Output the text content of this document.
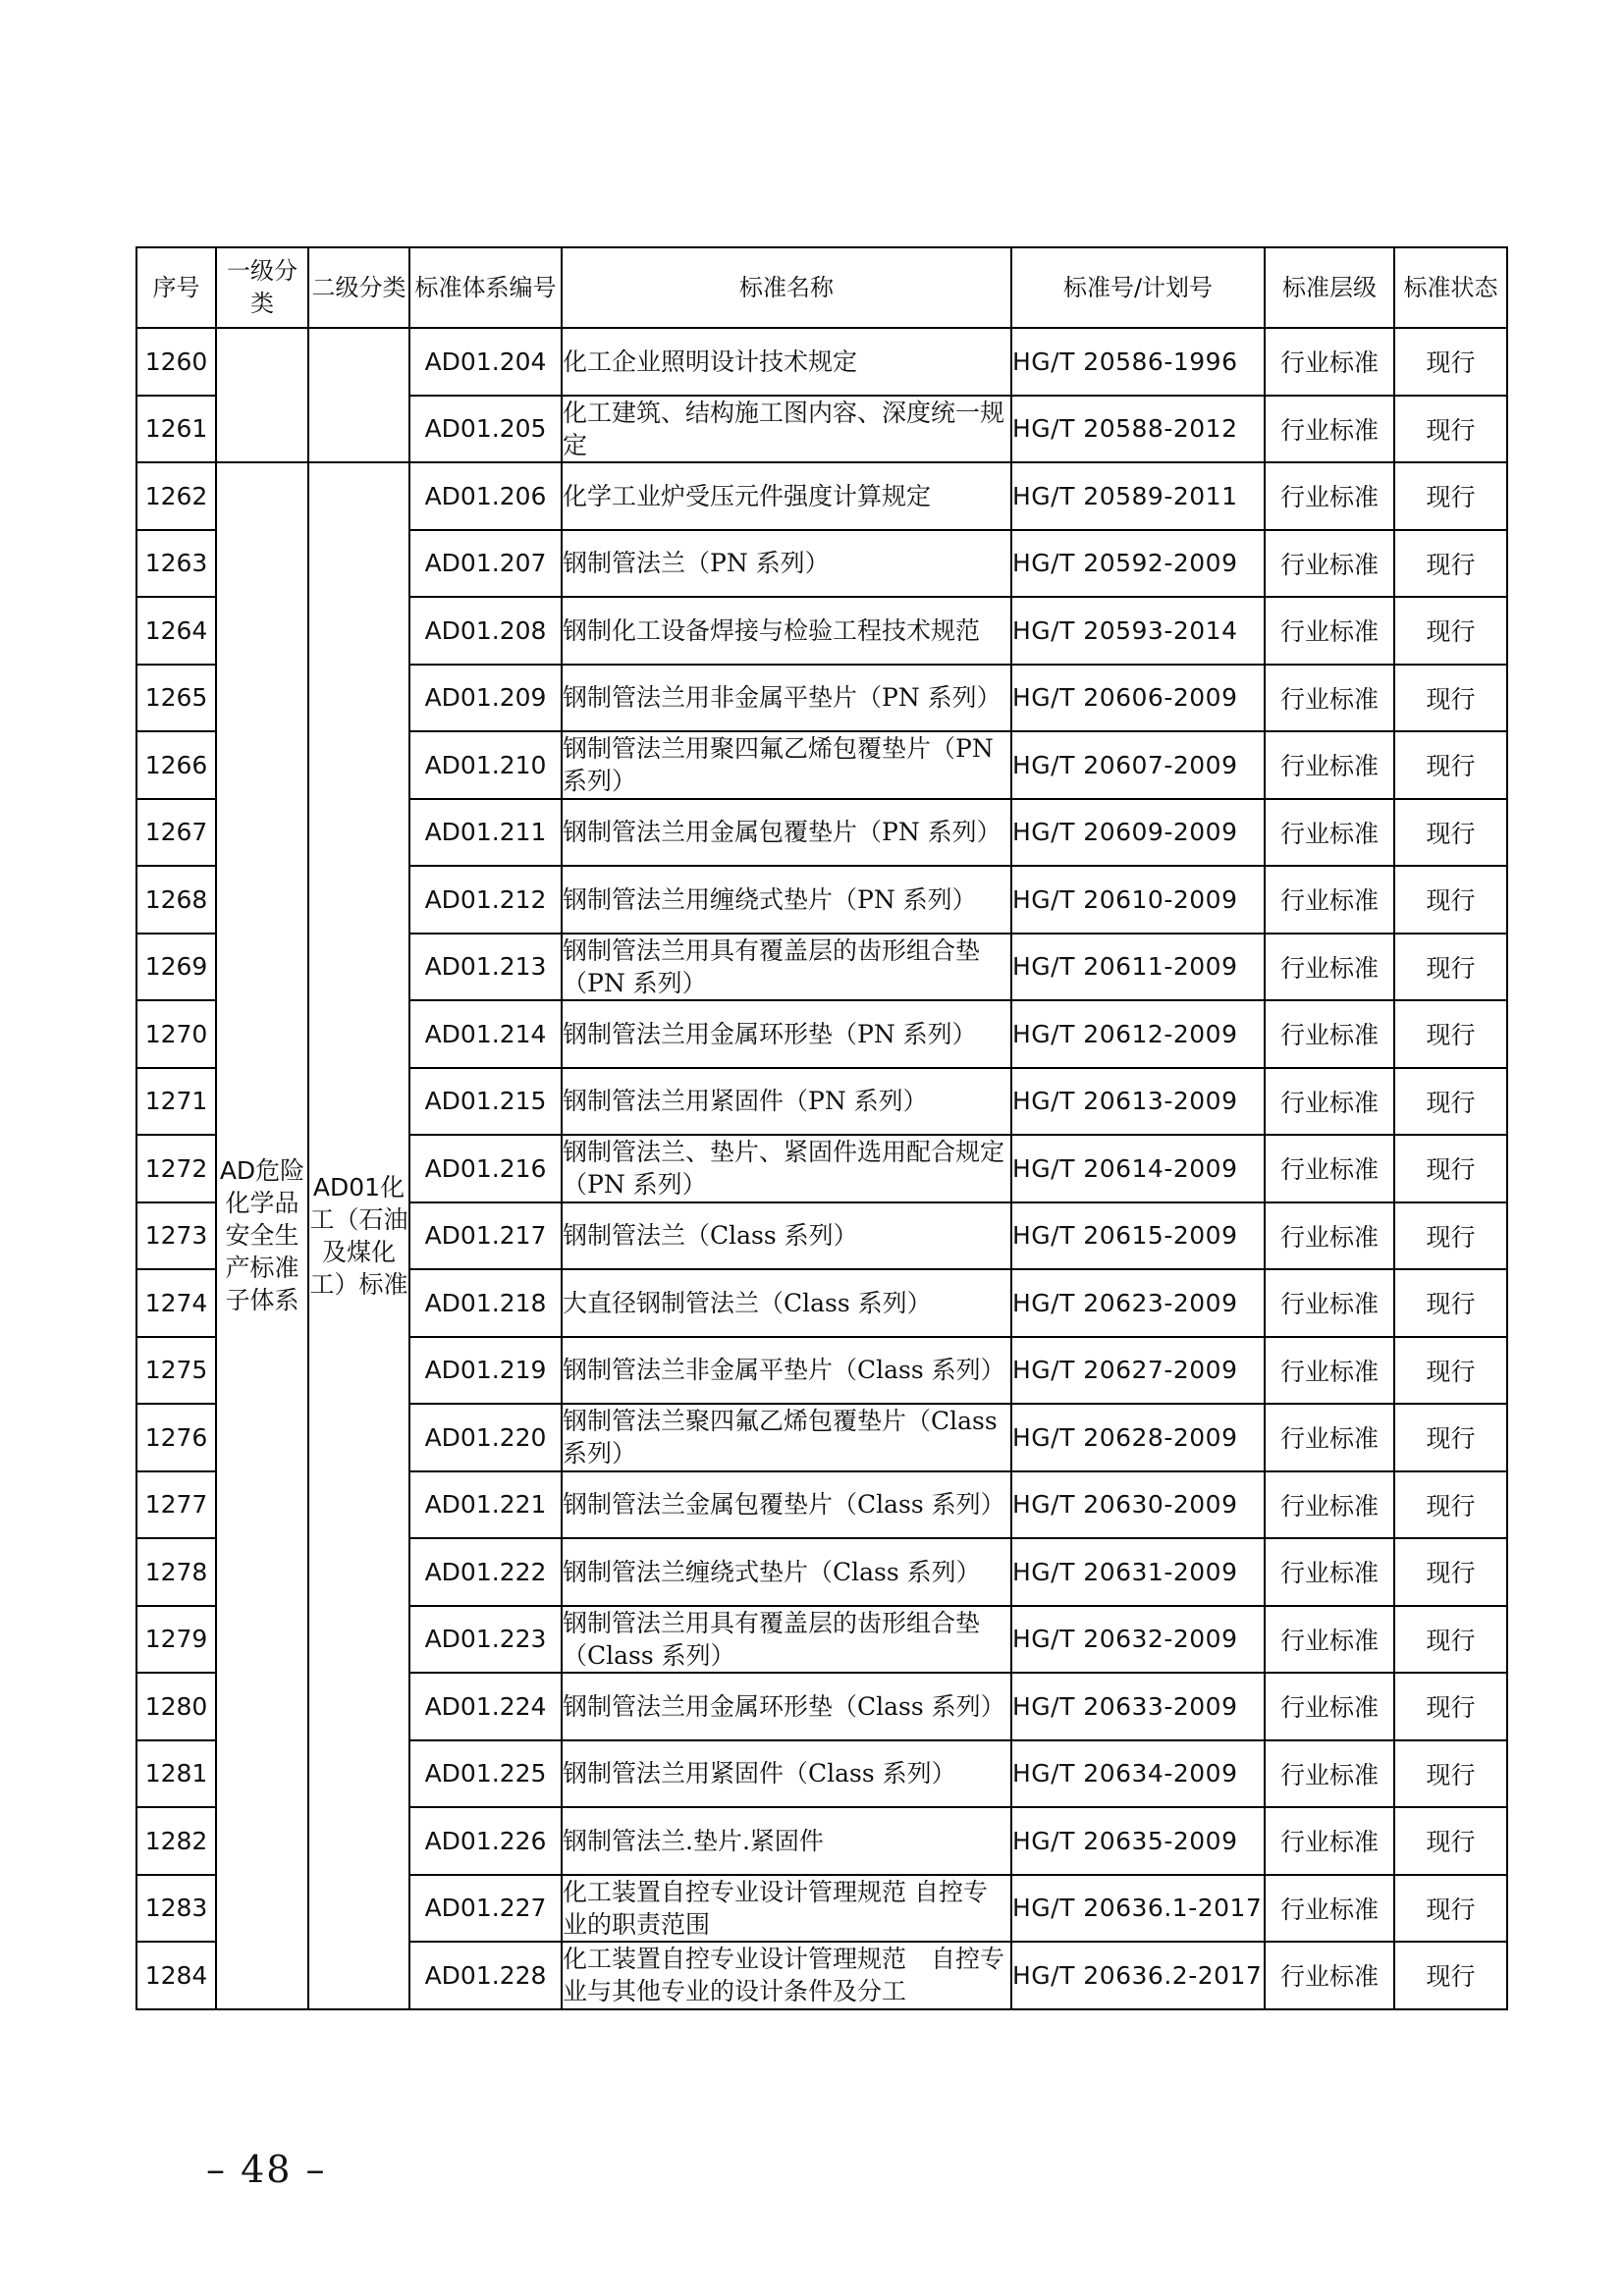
序号	一级分类	二级分类	标准体系编号	标准名称	标准号/计划号	标准层级	标准状态
1260			AD01.204	化工企业照明设计技术规定	HG/T 20586-1996	行业标准	现行
1261			AD01.205	化工建筑、结构施工图内容、深度统一规定	HG/T 20588-2012	行业标准	现行
1262	AD危险化学品安全生产标准子体系	AD01化工（石油及煤化工）标准	AD01.206	化学工业炉受压元件强度计算规定	HG/T 20589-2011	行业标准	现行
1263			AD01.207	钢制管法兰（PN 系列）	HG/T 20592-2009	行业标准	现行
1264			AD01.208	钢制化工设备焊接与检验工程技术规范	HG/T 20593-2014	行业标准	现行
1265			AD01.209	钢制管法兰用非金属平垫片（PN 系列）	HG/T 20606-2009	行业标准	现行
1266			AD01.210	钢制管法兰用聚四氟乙烯包覆垫片（PN系列）	HG/T 20607-2009	行业标准	现行
1267			AD01.211	钢制管法兰用金属包覆垫片（PN 系列）	HG/T 20609-2009	行业标准	现行
1268			AD01.212	钢制管法兰用缠绕式垫片（PN 系列）	HG/T 20610-2009	行业标准	现行
1269			AD01.213	钢制管法兰用具有覆盖层的齿形组合垫（PN 系列）	HG/T 20611-2009	行业标准	现行
1270			AD01.214	钢制管法兰用金属环形垫（PN 系列）	HG/T 20612-2009	行业标准	现行
1271			AD01.215	钢制管法兰用紧固件（PN 系列）	HG/T 20613-2009	行业标准	现行
1272			AD01.216	钢制管法兰、垫片、紧固件选用配合规定（PN 系列）	HG/T 20614-2009	行业标准	现行
1273			AD01.217	钢制管法兰（Class 系列）	HG/T 20615-2009	行业标准	现行
1274			AD01.218	大直径钢制管法兰（Class 系列）	HG/T 20623-2009	行业标准	现行
1275			AD01.219	钢制管法兰非金属平垫片（Class 系列）	HG/T 20627-2009	行业标准	现行
1276			AD01.220	钢制管法兰聚四氟乙烯包覆垫片（Class 系列）	HG/T 20628-2009	行业标准	现行
1277			AD01.221	钢制管法兰金属包覆垫片（Class 系列）	HG/T 20630-2009	行业标准	现行
1278			AD01.222	钢制管法兰缠绕式垫片（Class 系列）	HG/T 20631-2009	行业标准	现行
1279			AD01.223	钢制管法兰用具有覆盖层的齿形组合垫（Class 系列）	HG/T 20632-2009	行业标准	现行
1280			AD01.224	钢制管法兰用金属环形垫（Class 系列）	HG/T 20633-2009	行业标准	现行
1281			AD01.225	钢制管法兰用紧固件（Class 系列）	HG/T 20634-2009	行业标准	现行
1282			AD01.226	钢制管法兰.垫片.紧固件	HG/T 20635-2009	行业标准	现行
1283			AD01.227	化工装置自控专业设计管理规范 自控专业的职责范围	HG/T 20636.1-2017	行业标准	现行
1284			AD01.228	化工装置自控专业设计管理规范　自控专业与其他专业的设计条件及分工	HG/T 20636.2-2017	行业标准	现行
– 48 –
